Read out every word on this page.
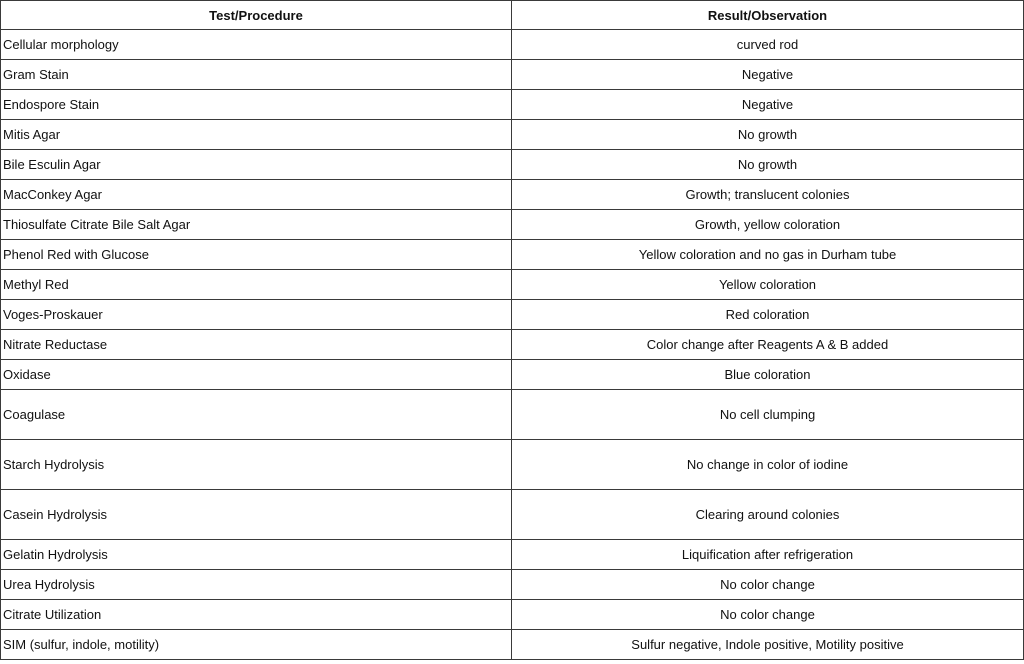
Test/Procedure	Result/Observation
Cellular morphology	curved rod
Gram Stain	Negative
Endospore Stain	Negative
Mitis Agar	No growth
Bile Esculin Agar	No growth
MacConkey Agar	Growth; translucent colonies
Thiosulfate Citrate Bile Salt Agar	Growth, yellow coloration
Phenol Red with Glucose	Yellow coloration and no gas in Durham tube
Methyl Red	Yellow coloration
Voges-Proskauer	Red coloration
Nitrate Reductase	Color change after Reagents A & B added
Oxidase	Blue coloration
Coagulase	No cell clumping
Starch Hydrolysis	No change in color of iodine
Casein Hydrolysis	Clearing around colonies
Gelatin Hydrolysis	Liquification after refrigeration
Urea Hydrolysis	No color change
Citrate Utilization	No color change
SIM (sulfur, indole, motility)	Sulfur negative, Indole positive, Motility positive
